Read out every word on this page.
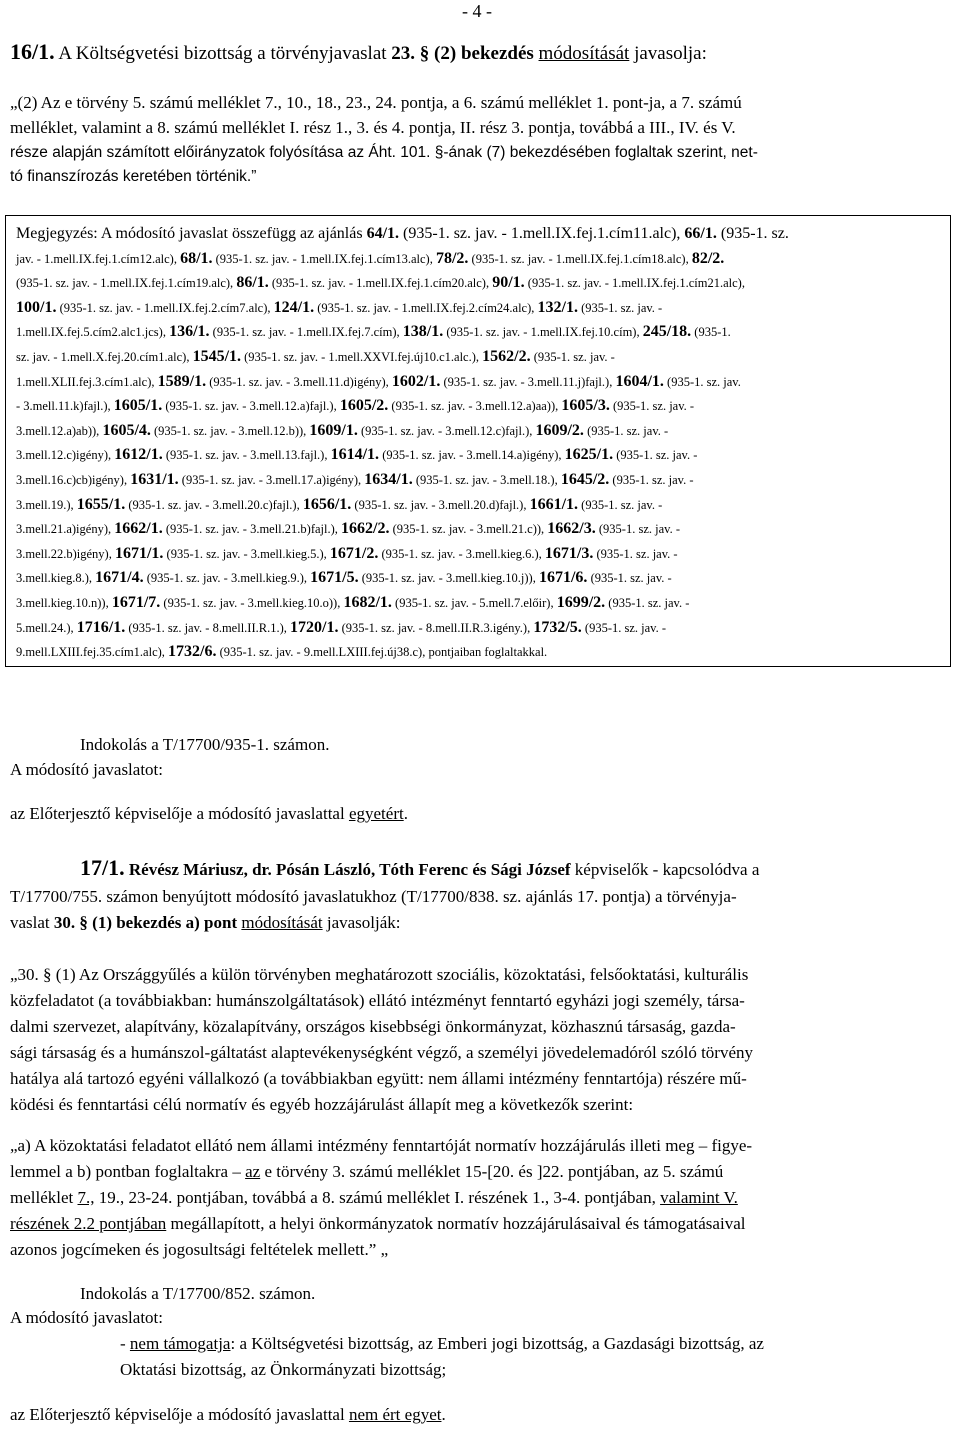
- 4 -
16/1. A Költségvetési bizottság a törvényjavaslat 23. § (2) bekezdés módosítását javasolja:
„(2) Az e törvény 5. számú melléklet 7., 10., 18., 23., 24. pontja, a 6. számú melléklet 1. pont-ja, a 7. számú
melléklet, valamint a 8. számú melléklet I. rész 1., 3. és 4. pontja, II. rész 3. pontja, továbbá a III., IV. és V.
része alapján számított előirányzatok folyósítása az Áht. 101. §-ának (7) bekezdésében foglaltak szerint, net-
tó finanszírozás keretében történik.”
Megjegyzés: A módosító javaslat összefügg az ajánlás 64/1. (935-1. sz. jav. - 1.mell.IX.fej.1.cím11.alc), 66/1. (935-1. sz.
jav. - 1.mell.IX.fej.1.cím12.alc), 68/1. (935-1. sz. jav. - 1.mell.IX.fej.1.cím13.alc), 78/2. (935-1. sz. jav. - 1.mell.IX.fej.1.cím18.alc), 82/2.
(935-1. sz. jav. - 1.mell.IX.fej.1.cím19.alc), 86/1. (935-1. sz. jav. - 1.mell.IX.fej.1.cím20.alc), 90/1. (935-1. sz. jav. - 1.mell.IX.fej.1.cím21.alc),
100/1. (935-1. sz. jav. - 1.mell.IX.fej.2.cím7.alc), 124/1. (935-1. sz. jav. - 1.mell.IX.fej.2.cím24.alc), 132/1. (935-1. sz. jav. -
1.mell.IX.fej.5.cím2.alc1.jcs), 136/1. (935-1. sz. jav. - 1.mell.IX.fej.7.cím), 138/1. (935-1. sz. jav. - 1.mell.IX.fej.10.cím), 245/18. (935-1.
sz. jav. - 1.mell.X.fej.20.cím1.alc), 1545/1. (935-1. sz. jav. - 1.mell.XXVI.fej.új10.c1.alc.), 1562/2. (935-1. sz. jav. -
1.mell.XLII.fej.3.cím1.alc), 1589/1. (935-1. sz. jav. - 3.mell.11.d)igény), 1602/1. (935-1. sz. jav. - 3.mell.11.j)fajl.), 1604/1. (935-1. sz. jav.
- 3.mell.11.k)fajl.), 1605/1. (935-1. sz. jav. - 3.mell.12.a)fajl.), 1605/2. (935-1. sz. jav. - 3.mell.12.a)aa)), 1605/3. (935-1. sz. jav. -
3.mell.12.a)ab)), 1605/4. (935-1. sz. jav. - 3.mell.12.b)), 1609/1. (935-1. sz. jav. - 3.mell.12.c)fajl.), 1609/2. (935-1. sz. jav. -
3.mell.12.c)igény), 1612/1. (935-1. sz. jav. - 3.mell.13.fajl.), 1614/1. (935-1. sz. jav. - 3.mell.14.a)igény), 1625/1. (935-1. sz. jav. -
3.mell.16.c)cb)igény), 1631/1. (935-1. sz. jav. - 3.mell.17.a)igény), 1634/1. (935-1. sz. jav. - 3.mell.18.), 1645/2. (935-1. sz. jav. -
3.mell.19.), 1655/1. (935-1. sz. jav. - 3.mell.20.c)fajl.), 1656/1. (935-1. sz. jav. - 3.mell.20.d)fajl.), 1661/1. (935-1. sz. jav. -
3.mell.21.a)igény), 1662/1. (935-1. sz. jav. - 3.mell.21.b)fajl.), 1662/2. (935-1. sz. jav. - 3.mell.21.c)), 1662/3. (935-1. sz. jav. -
3.mell.22.b)igény), 1671/1. (935-1. sz. jav. - 3.mell.kieg.5.), 1671/2. (935-1. sz. jav. - 3.mell.kieg.6.), 1671/3. (935-1. sz. jav. -
3.mell.kieg.8.), 1671/4. (935-1. sz. jav. - 3.mell.kieg.9.), 1671/5. (935-1. sz. jav. - 3.mell.kieg.10.j)), 1671/6. (935-1. sz. jav. -
3.mell.kieg.10.n)), 1671/7. (935-1. sz. jav. - 3.mell.kieg.10.o)), 1682/1. (935-1. sz. jav. - 5.mell.7.előir), 1699/2. (935-1. sz. jav. -
5.mell.24.), 1716/1. (935-1. sz. jav. - 8.mell.II.R.1.), 1720/1. (935-1. sz. jav. - 8.mell.II.R.3.igény.), 1732/5. (935-1. sz. jav. -
9.mell.LXIII.fej.35.cím1.alc), 1732/6. (935-1. sz. jav. - 9.mell.LXIII.fej.új38.c), pontjaiban foglaltakkal.
Indokolás a T/17700/935-1. számon.
A módosító javaslatot:
az Előterjesztő képviselője a módosító javaslattal egyetért.
17/1. Révész Máriusz, dr. Pósán László, Tóth Ferenc és Sági József képviselők - kapcsolódva a
T/17700/755. számon benyújtott módosító javaslatukhoz (T/17700/838. sz. ajánlás 17. pontja) a törvényja-
vaslat 30. § (1) bekezdés a) pont módosítását javasolják:
„30. § (1) Az Országgyűlés a külön törvényben meghatározott szociális, közoktatási, felsőoktatási, kulturális
közfeladatot (a továbbiakban: humánszolgáltatások) ellátó intézményt fenntartó egyházi jogi személy, társa-
dalmi szervezet, alapítvány, közalapítvány, országos kisebbségi önkormányzat, közhasznú társaság, gazda-
sági társaság és a humánszol-gáltatást alaptevékenységként végző, a személyi jövedelemadóról szóló törvény
hatálya alá tartozó egyéni vállalkozó (a továbbiakban együtt: nem állami intézmény fenntartója) részére mű-
ködési és fenntartási célú normatív és egyéb hozzájárulást állapít meg a következők szerint:
„a) A közoktatási feladatot ellátó nem állami intézmény fenntartóját normatív hozzájárulás illeti meg – figye-
lemmel a b) pontban foglaltakra – az e törvény 3. számú melléklet 15-[20. és ]22. pontjában, az 5. számú
melléklet 7., 19., 23-24. pontjában, továbbá a 8. számú melléklet I. részének 1., 3-4. pontjában, valamint V.
részének 2.2 pontjában megállapított, a helyi önkormányzatok normatív hozzájárulásaival és támogatásaival
azonos jogcímeken és jogosultsági feltételek mellett.” „
Indokolás a T/17700/852. számon.
A módosító javaslatot:
- nem támogatja: a Költségvetési bizottság, az Emberi jogi bizottság, a Gazdasági bizottság, az
Oktatási bizottság, az Önkormányzati bizottság;
az Előterjesztő képviselője a módosító javaslattal nem ért egyet.
